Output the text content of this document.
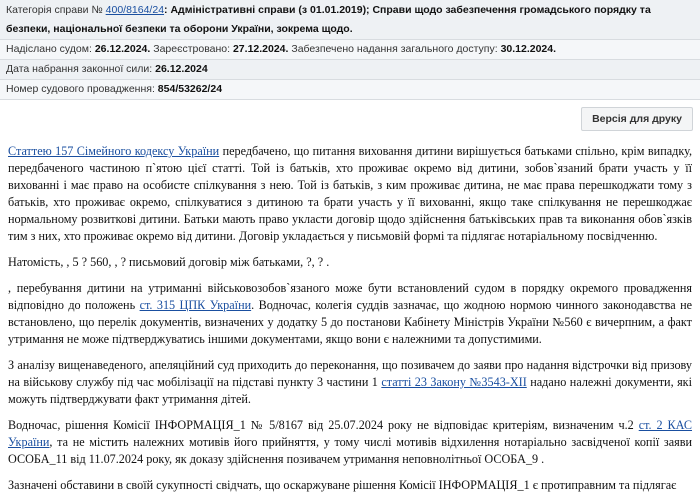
Категорія справи № 400/8164/24: Адміністративні справи (з 01.01.2019); Справи щодо забезпечення громадського порядку та безпеки, національної безпеки та оборони України, зокрема щодо.
Надіслано судом: 26.12.2024. Зареєстровано: 27.12.2024. Забезпечено надання загального доступу: 30.12.2024.
Дата набрання законної сили: 26.12.2024
Номер судового провадження: 854/53262/24
Версія для друку

Статтею 157 Сімейного кодексу України передбачено, що питання виховання дитини вирішується батьками спільно, крім випадку, передбаченого частиною п`ятою цієї статті. Той із батьків, хто проживає окремо від дитини, зобов`язаний брати участь у її вихованні і має право на особисте спілкування з нею. Той із батьків, з ким проживає дитина, не має права перешкоджати тому з батьків, хто проживає окремо, спілкуватися з дитиною та брати участь у її вихованні, якщо таке спілкування не перешкоджає нормальному розвиткові дитини. Батьки мають право укласти договір щодо здійснення батьківських прав та виконання обов`язків тим з них, хто проживає окремо від дитини. Договір укладається у письмовій формі та підлягає нотаріальному посвідченню.

Натомість, , 5 ? 560, , ? письмовий договір між батьками, ?, ? .

, перебування дитини на утриманні військовозобов`язаного може бути встановлений судом в порядку окремого провадження відповідно до положень ст. 315 ЦПК України. Водночас, колегія суддів зазначає, що жодною нормою чинного законодавства не встановлено, що перелік документів, визначених у додатку 5 до постанови Кабінету Міністрів України №560 є вичерпним, а факт утримання не може підтверджуватись іншими документами, якщо вони є належними та допустимими.

З аналізу вищенаведеного, апеляційний суд приходить до переконання, що позивачем до заяви про надання відстрочки від призову на військову службу під час мобілізації на підставі пункту 3 частини 1 статті 23 Закону №3543-XII надано належні документи, які можуть підтверджувати факт утримання дітей.

Водночас, рішення Комісії ІНФОРМАЦІЯ_1 № 5/8167 від 25.07.2024 року не відповідає критеріям, визначеним ч.2 ст. 2 КАС України, та не містить належних мотивів його прийняття, у тому числі мотивів відхилення нотаріально засвідченої копії заяви ОСОБА_11 від 11.07.2024 року, як доказу здійснення позивачем утримання неповнолітньої ОСОБА_9 .

Зазначені обставини в своїй сукупності свідчать, що оскаржуване рішення Комісії ІНФОРМАЦІЯ_1 є протиправним та підлягає
